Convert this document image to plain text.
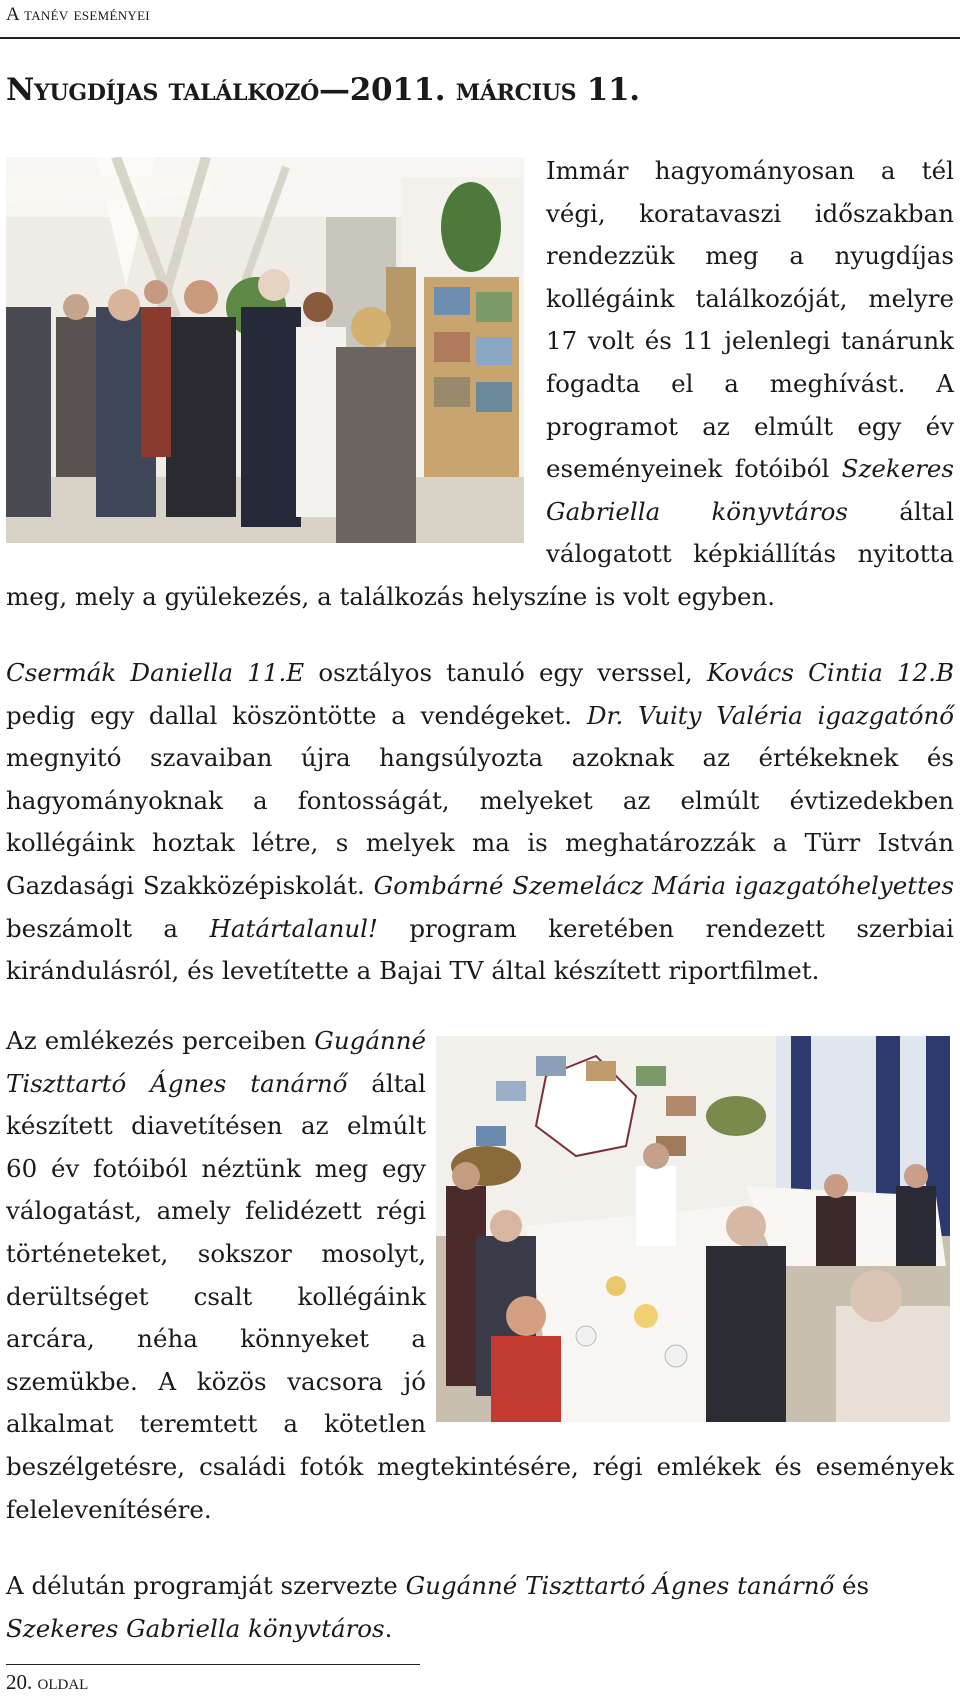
A tanév eseményei
Nyugdíjas találkozó—2011. március 11.
Immár hagyományosan a tél végi, koratavaszi időszakban rendezzük meg a nyugdíjas kollégáink találkozóját, melyre 17 volt és 11 jelenlegi tanárunk fogadta el a meghívást. A programot az elmúlt egy év eseményeinek fotóiból Szekeres Gabriella könyvtáros által válogatott képkiállítás nyitotta meg, mely a gyülekezés, a találkozás helyszíne is volt egyben.
Csermák Daniella 11.E osztályos tanuló egy verssel, Kovács Cintia 12.B pedig egy dallal köszöntötte a vendégeket. Dr. Vuity Valéria igazgatónő megnyitó szavaiban újra hangsúlyozta azoknak az értékeknek és hagyományoknak a fontosságát, melyeket az elmúlt évtizedekben kollégáink hoztak létre, s melyek ma is meghatározzák a Türr István Gazdasági Szakközépiskolát. Gombárné Szemelácz Mária igazgatóhelyettes beszámolt a Határtalanul! program keretében rendezett szerbiai kirándulásról, és levetítette a Bajai TV által készített riportfilmet.
Az emlékezés perceiben Gugánné Tiszttartó Ágnes tanárnő által készített diavetítésen az elmúlt 60 év fotóiból néztünk meg egy válogatást, amely felidézett régi történeteket, sokszor mosolyt, derültséget csalt kollégáink arcára, néha könnyeket a szemükbe. A közös vacsora jó alkalmat teremtett a kötetlen beszélgetésre, családi fotók megtekintésére, régi emlékek és események felelevenítésére.
A délután programját szervezte Gugánné Tiszttartó Ágnes tanárnő és Szekeres Gabriella könyvtáros.
20. oldal
